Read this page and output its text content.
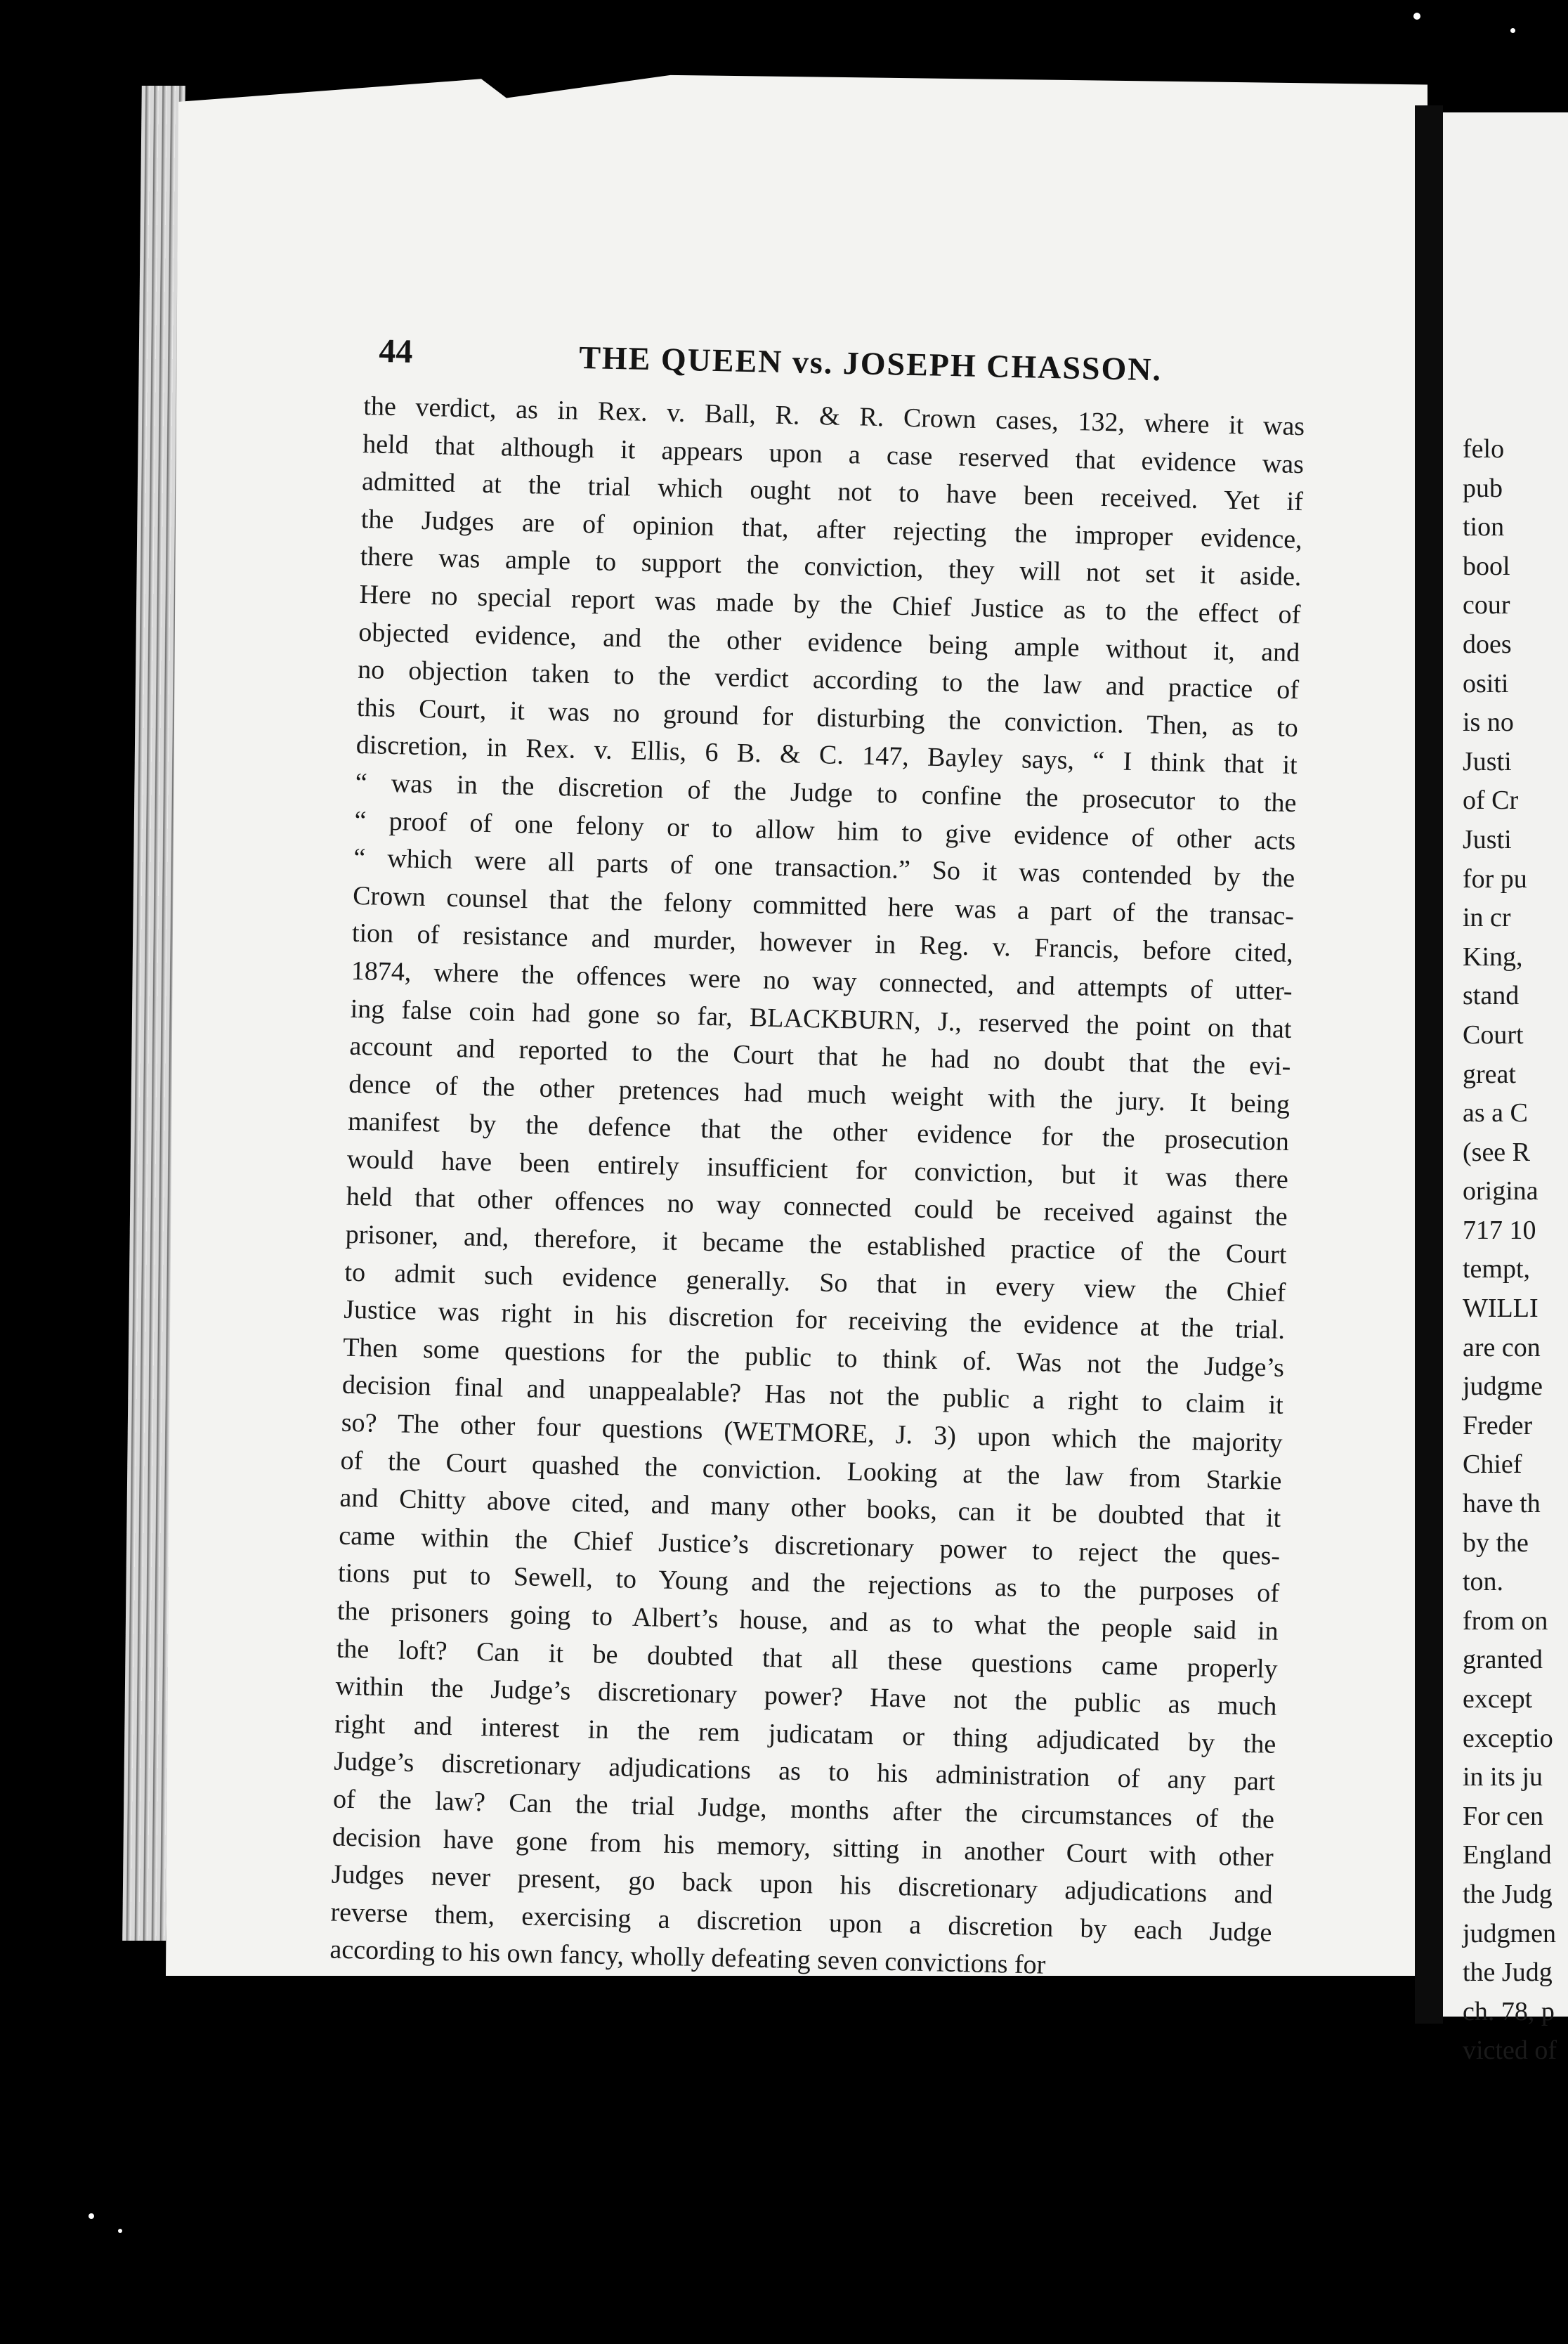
44	THE QUEEN vs. JOSEPH CHASSON.
the verdict, as in Rex. v. Ball, R. & R. Crown cases, 132, where it was
held that although it appears upon a case reserved that evidence was
admitted at the trial which ought not to have been received. Yet if
the Judges are of opinion that, after rejecting the improper evidence,
there was ample to support the conviction, they will not set it aside.
Here no special report was made by the Chief Justice as to the effect of
objected evidence, and the other evidence being ample without it, and
no objection taken to the verdict according to the law and practice of
this Court, it was no ground for disturbing the conviction. Then, as to
discretion, in Rex. v. Ellis, 6 B. & C. 147, Bayley says, “ I think that it
“ was in the discretion of the Judge to confine the prosecutor to the
“ proof of one felony or to allow him to give evidence of other acts
“ which were all parts of one transaction.” So it was contended by the
Crown counsel that the felony committed here was a part of the transac-
tion of resistance and murder, however in Reg. v. Francis, before cited,
1874, where the offences were no way connected, and attempts of utter-
ing false coin had gone so far, BLACKBURN, J., reserved the point on that
account and reported to the Court that he had no doubt that the evi-
dence of the other pretences had much weight with the jury. It being
manifest by the defence that the other evidence for the prosecution
would have been entirely insufficient for conviction, but it was there
held that other offences no way connected could be received against the
prisoner, and, therefore, it became the established practice of the Court
to admit such evidence generally. So that in every view the Chief
Justice was right in his discretion for receiving the evidence at the trial.
Then some questions for the public to think of. Was not the Judge’s
decision final and unappealable? Has not the public a right to claim it
so? The other four questions (WETMORE, J. 3) upon which the majority
of the Court quashed the conviction. Looking at the law from Starkie
and Chitty above cited, and many other books, can it be doubted that it
came within the Chief Justice’s discretionary power to reject the ques-
tions put to Sewell, to Young and the rejections as to the purposes of
the prisoners going to Albert’s house, and as to what the people said in
the loft? Can it be doubted that all these questions came properly
within the Judge’s discretionary power? Have not the public as much
right and interest in the rem judicatam or thing adjudicated by the
Judge’s discretionary adjudications as to his administration of any part
of the law? Can the trial Judge, months after the circumstances of the
decision have gone from his memory, sitting in another Court with other
Judges never present, go back upon his discretionary adjudications and
reverse them, exercising a discretion upon a discretion by each Judge
according to his own fancy, wholly defeating seven convictions for
felo
pub
tion
bool
cour
does
ositi
is no
Justi
of Cr
Justi
for pu
in cr
King,
stand
Court
great
as a C
(see R
origina
717 10
tempt,
WILLI
are con
judgme
Freder
Chief
have th
by the
ton.
from on
granted
except
exceptio
in its ju
For cen
England
the Judg
judgmen
the Judg
ch. 78, p
victed of
